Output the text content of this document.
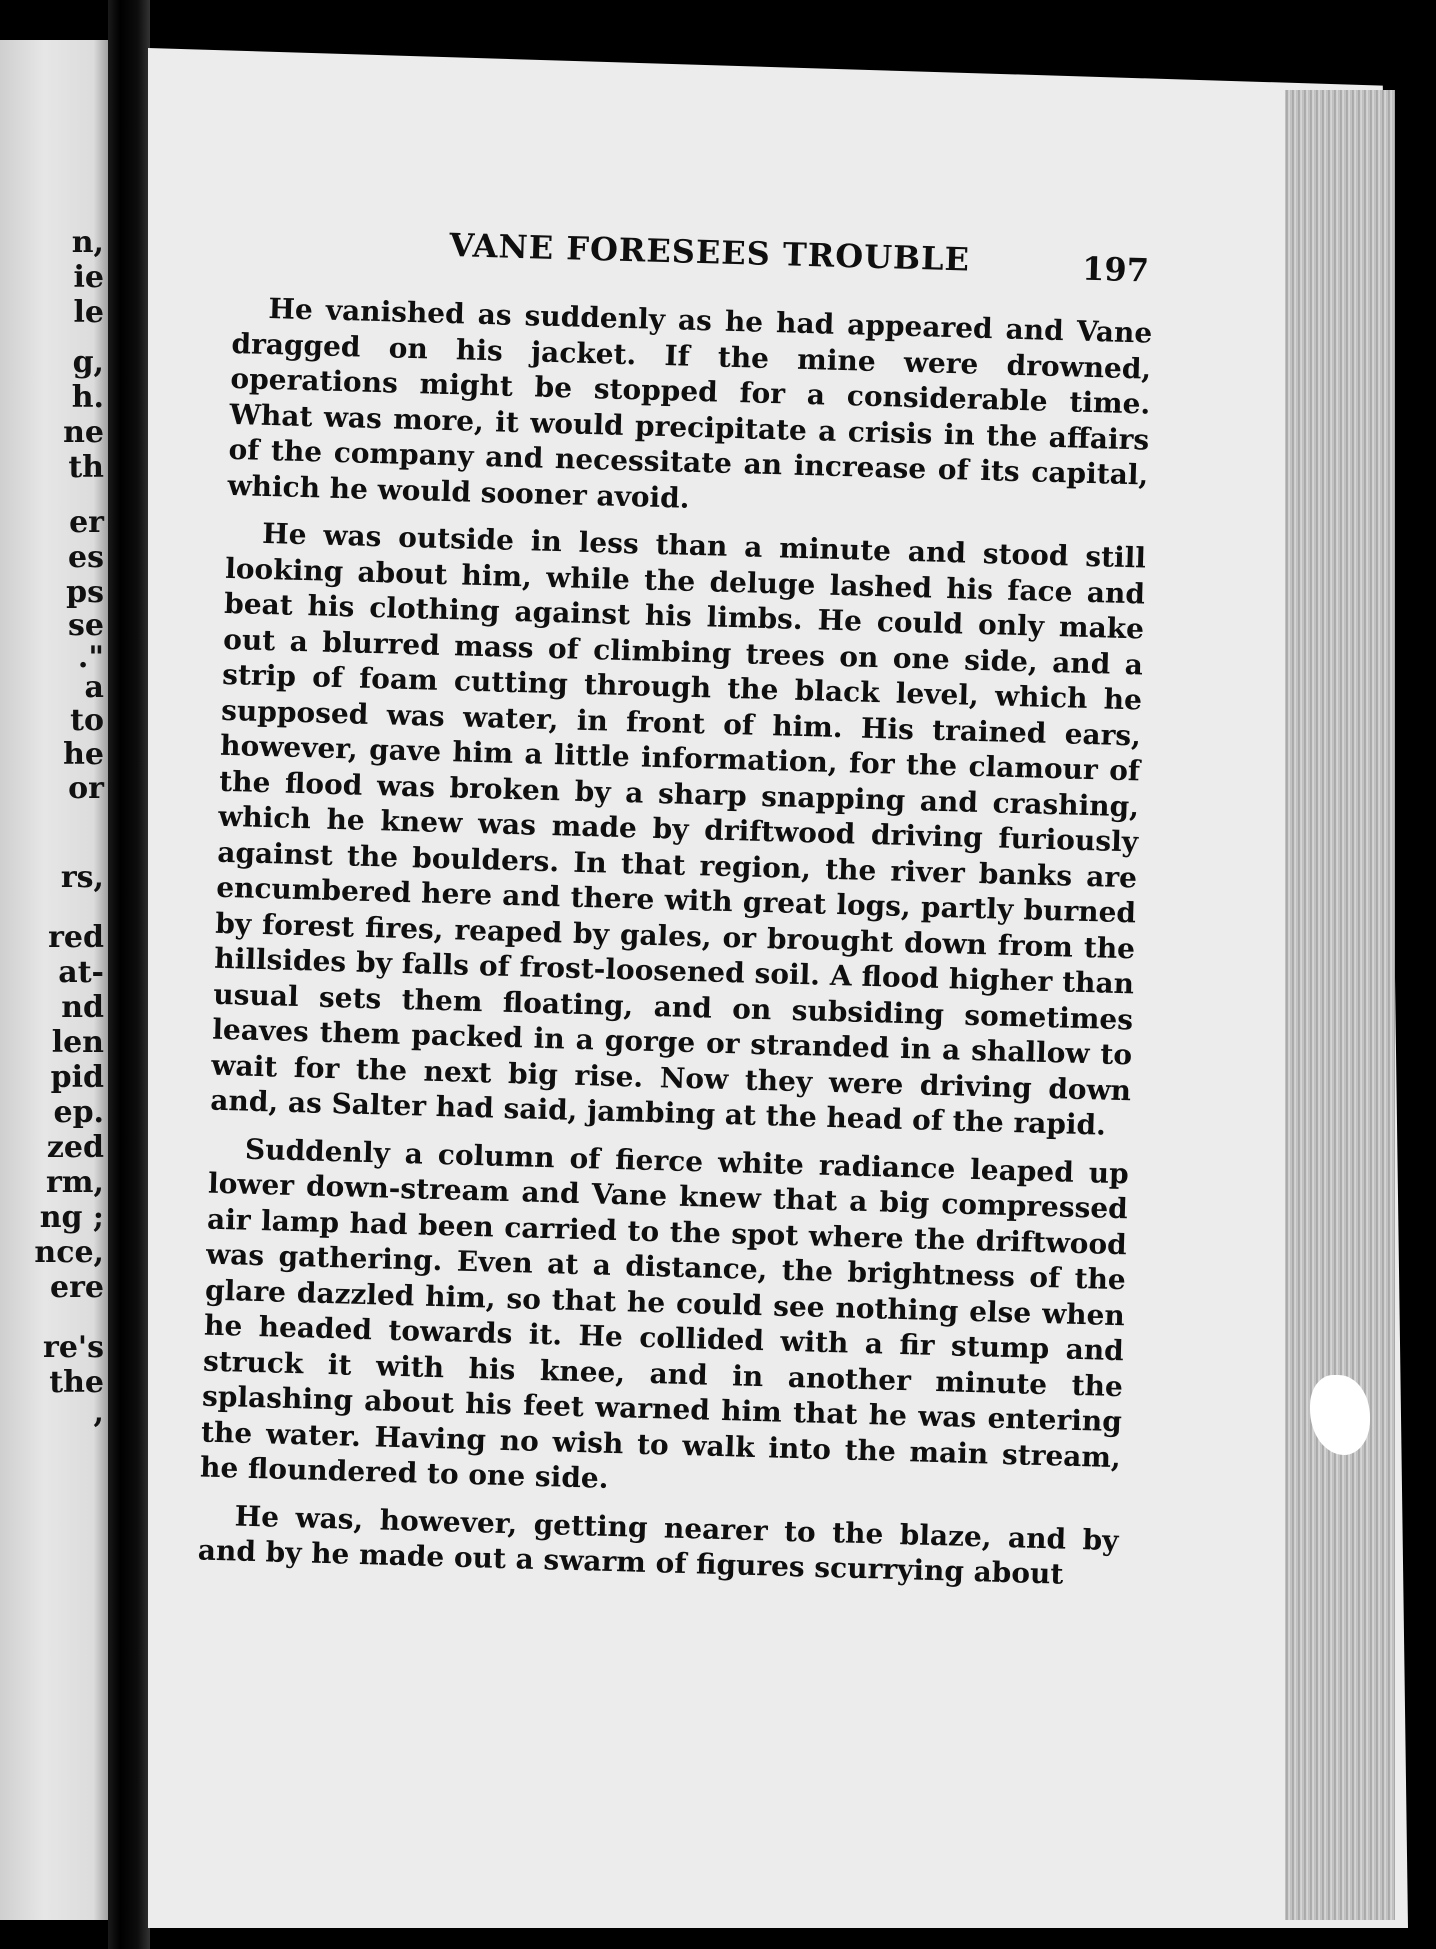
n,
ie
le
g,
h.
ne
th
er
es
ps
se
."
a
to
he
or
rs,
red
at-
nd
len
pid
ep.
zed
rm,
ng ;
nce,
ere
re's
the
,
VANE FORESEES TROUBLE	197

He vanished as suddenly as he had appeared and Vane dragged on his jacket. If the mine were drowned, operations might be stopped for a considerable time. What was more, it would precipitate a crisis in the affairs of the company and necessitate an increase of its capital, which he would sooner avoid.

He was outside in less than a minute and stood still looking about him, while the deluge lashed his face and beat his clothing against his limbs. He could only make out a blurred mass of climbing trees on one side, and a strip of foam cutting through the black level, which he supposed was water, in front of him. His trained ears, however, gave him a little information, for the clamour of the flood was broken by a sharp snapping and crashing, which he knew was made by driftwood driving furiously against the boulders. In that region, the river banks are encumbered here and there with great logs, partly burned by forest fires, reaped by gales, or brought down from the hillsides by falls of frost-loosened soil. A flood higher than usual sets them floating, and on subsiding sometimes leaves them packed in a gorge or stranded in a shallow to wait for the next big rise. Now they were driving down and, as Salter had said, jambing at the head of the rapid.

Suddenly a column of fierce white radiance leaped up lower down-stream and Vane knew that a big compressed air lamp had been carried to the spot where the driftwood was gathering. Even at a distance, the brightness of the glare dazzled him, so that he could see nothing else when he headed towards it. He collided with a fir stump and struck it with his knee, and in another minute the splashing about his feet warned him that he was entering the water. Having no wish to walk into the main stream, he floundered to one side.

He was, however, getting nearer to the blaze, and by and by he made out a swarm of figures scurrying about
